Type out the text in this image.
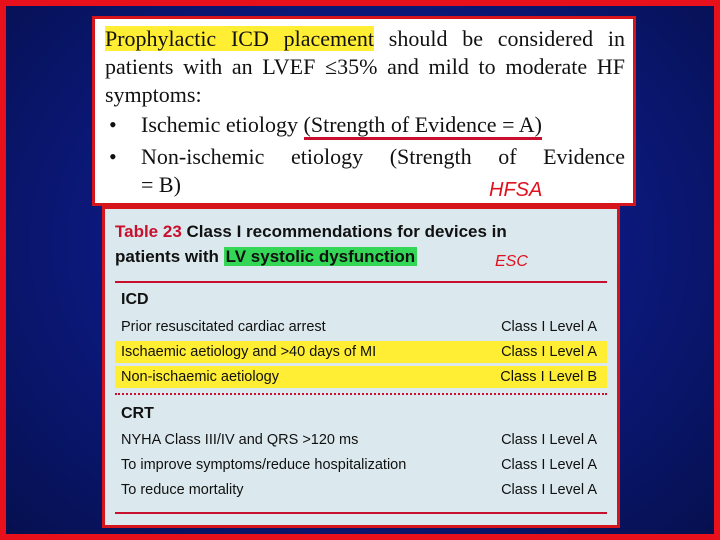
Prophylactic ICD placement should be considered in patients with an LVEF ≤35% and mild to moderate HF symptoms:
• Ischemic etiology (Strength of Evidence = A)
• Non-ischemic etiology (Strength of Evidence
= B)	HFSA
Table 23 Class I recommendations for devices in
patients with LV systolic dysfunction	ESC
ICD
Prior resuscitated cardiac arrest	Class I Level A
Ischaemic aetiology and >40 days of MI	Class I Level A
Non-ischaemic aetiology	Class I Level B
CRT
NYHA Class III/IV and QRS >120 ms	Class I Level A
To improve symptoms/reduce hospitalization	Class I Level A
To reduce mortality	Class I Level A
